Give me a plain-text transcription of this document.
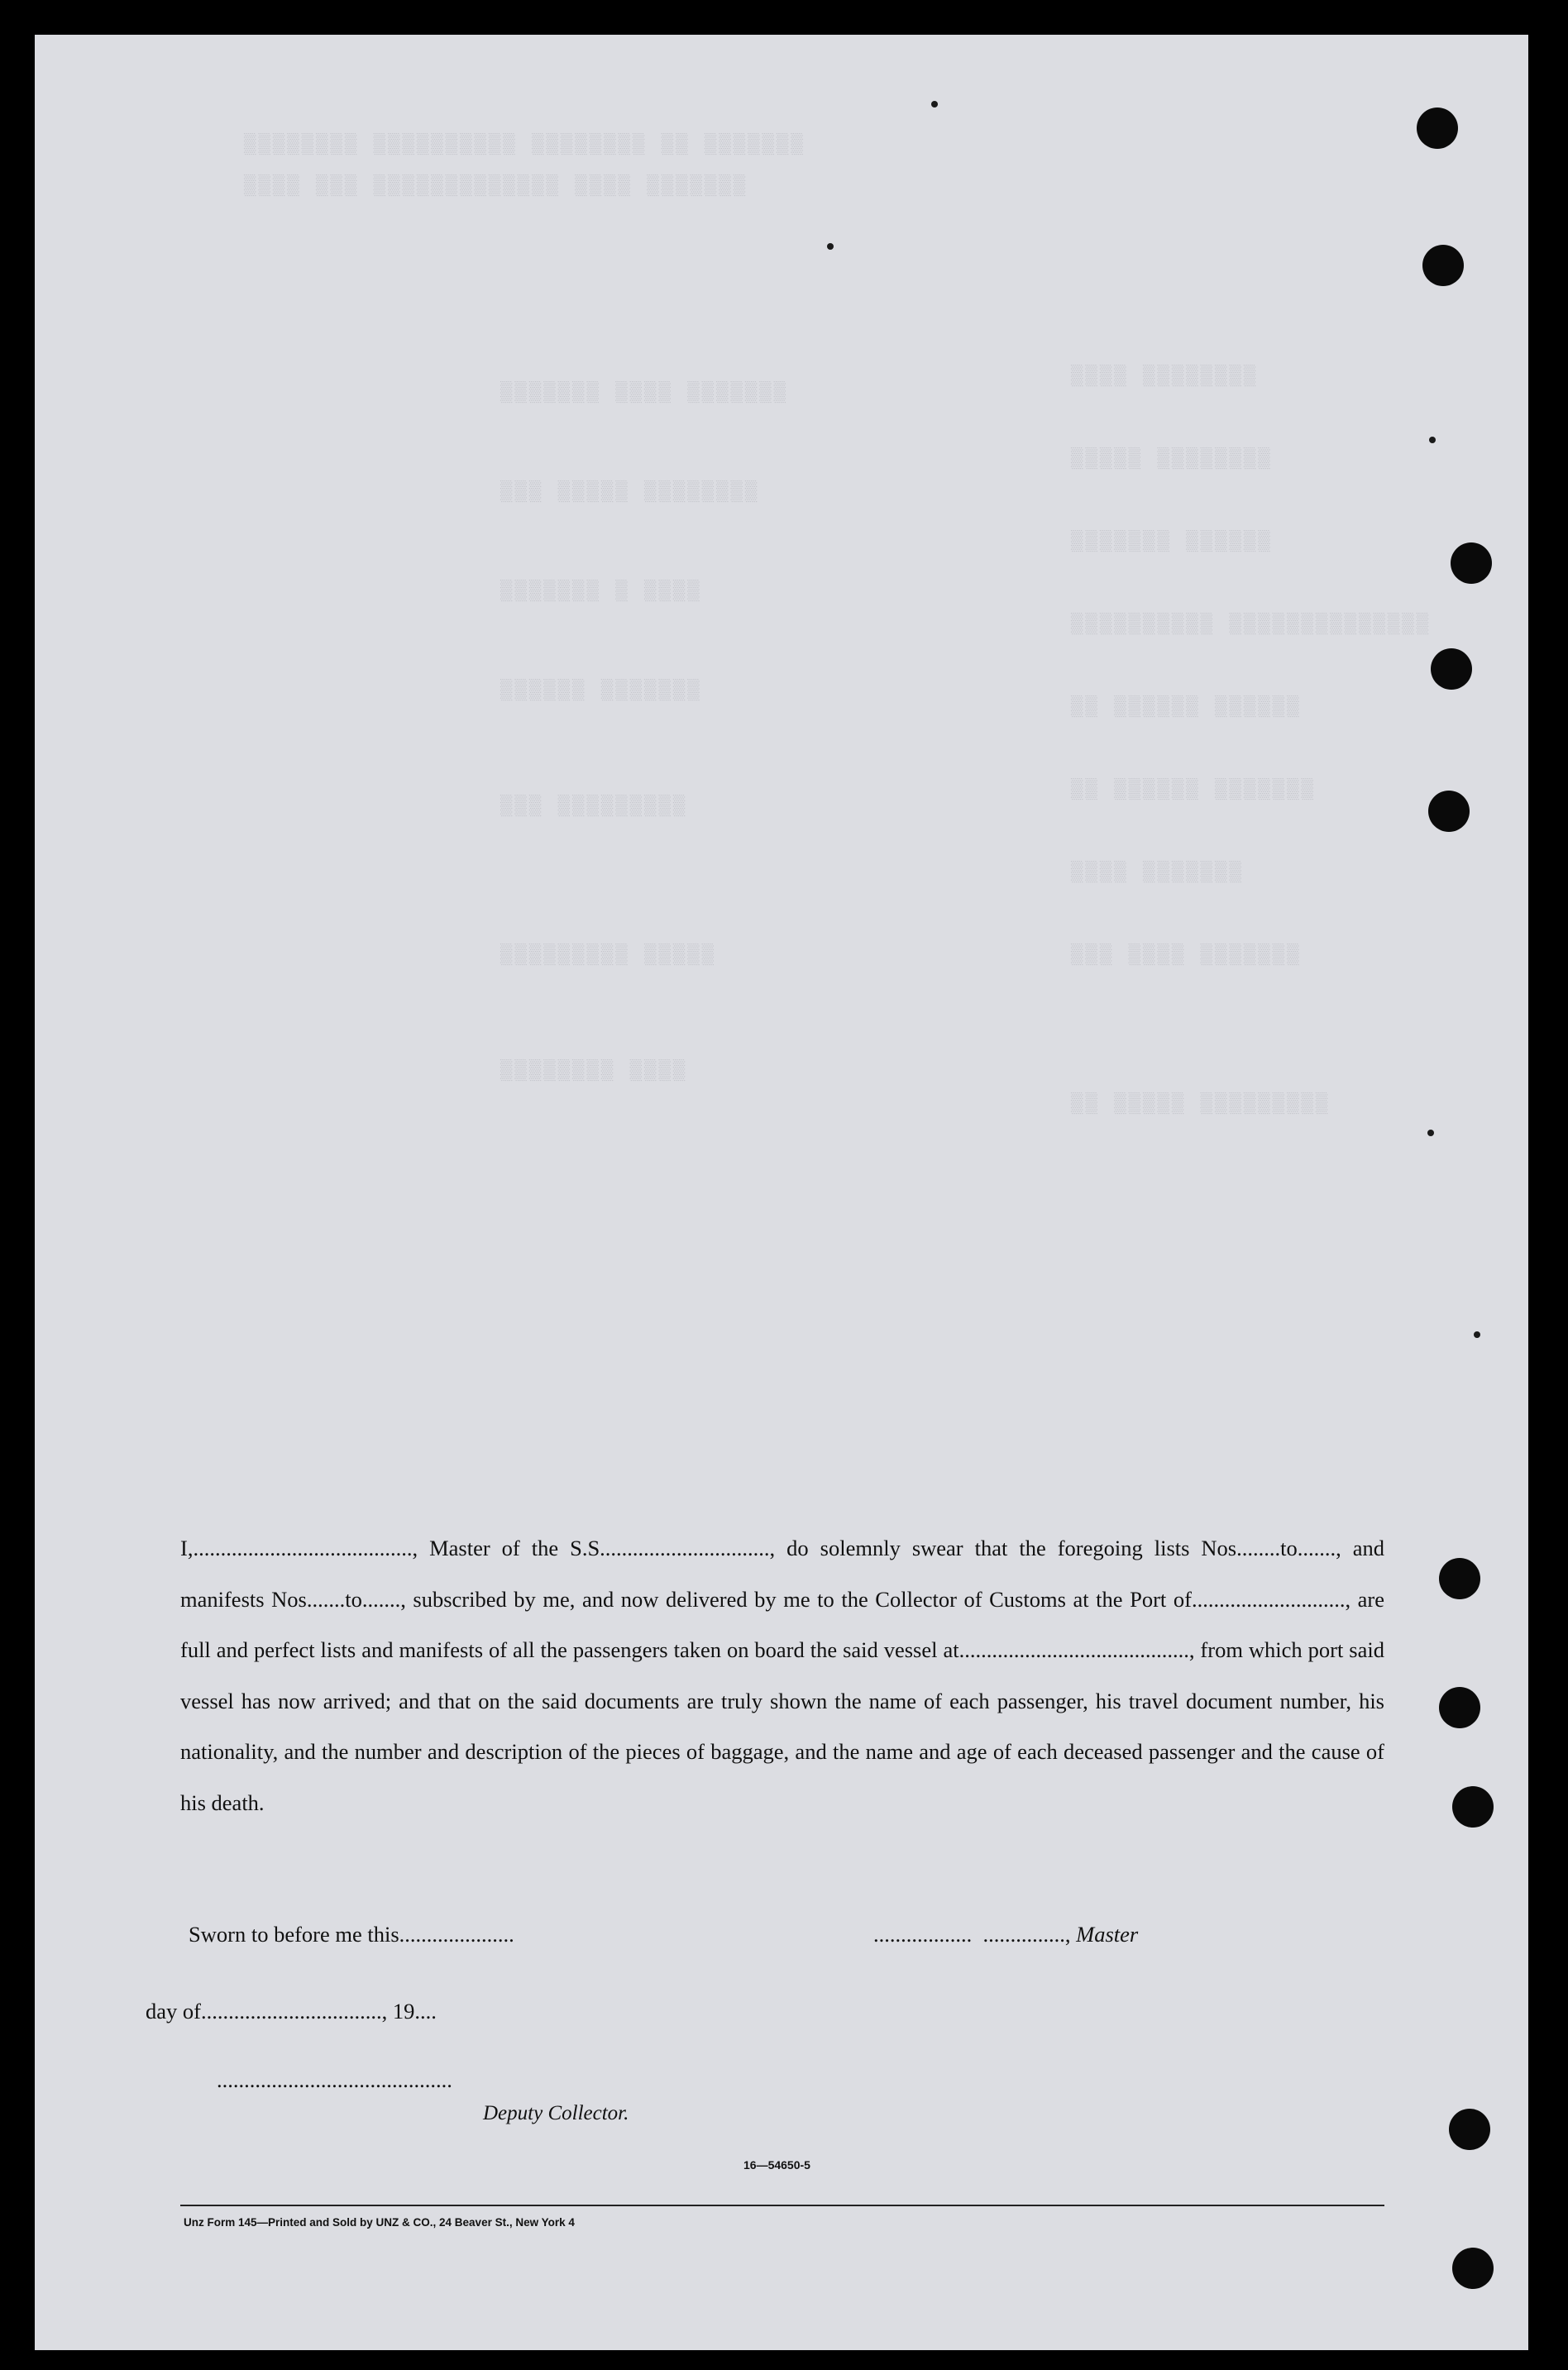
▒▒▒▒▒▒▒▒ ▒▒▒▒
▒▒▒▒▒▒▒▒ ▒▒▒▒▒
▒▒▒▒▒▒ ▒▒▒▒▒▒▒
▒▒▒▒▒▒▒▒▒▒▒▒▒▒ ▒▒▒▒▒▒▒▒▒▒
▒▒▒▒▒▒ ▒▒▒▒▒▒ ▒▒
▒▒▒▒▒▒▒ ▒▒▒▒▒▒ ▒▒
▒▒▒▒▒▒▒ ▒▒▒▒
▒▒▒▒▒▒▒ ▒▒▒▒ ▒▒▒
▒▒▒▒▒▒▒▒▒ ▒▒▒▒▒ ▒▒
▒▒▒▒▒▒▒ ▒▒▒▒ ▒▒▒▒▒▒▒
▒▒▒▒▒▒▒▒ ▒▒▒▒▒ ▒▒▒
▒▒▒▒ ▒ ▒▒▒▒▒▒▒
▒▒▒▒▒▒▒ ▒▒▒▒▒▒
▒▒▒▒▒▒▒▒▒ ▒▒▒
▒▒▒▒▒ ▒▒▒▒▒▒▒▒▒
▒▒▒▒ ▒▒▒▒▒▒▒▒
▒▒▒▒▒▒▒ ▒▒ ▒▒▒▒▒▒▒▒ ▒▒▒▒▒▒▒▒▒▒ ▒▒▒▒▒▒▒▒
▒▒▒▒▒▒▒ ▒▒▒▒ ▒▒▒▒▒▒▒▒▒▒▒▒▒ ▒▒▒ ▒▒▒▒

I,........................................, Master of the S.S..............................., do solemnly swear that the foregoing lists Nos........to......., and manifests Nos.......to......., subscribed by me, and now delivered by me to the Collector of Customs at the Port of............................, are full and perfect lists and manifests of all the passengers taken on board the said vessel at.........................................., from which port said vessel has now arrived; and that on the said documents are truly shown the name of each passenger, his travel document number, his nationality, and the number and description of the pieces of baggage, and the name and age of each deceased passenger and the cause of his death.

Sworn to before me this.....................	..................  ..............., Master
day of................................., 19....
...........................................
Deputy Collector.
16—54650-5
Unz Form 145—Printed and Sold by UNZ & CO., 24 Beaver St., New York 4
